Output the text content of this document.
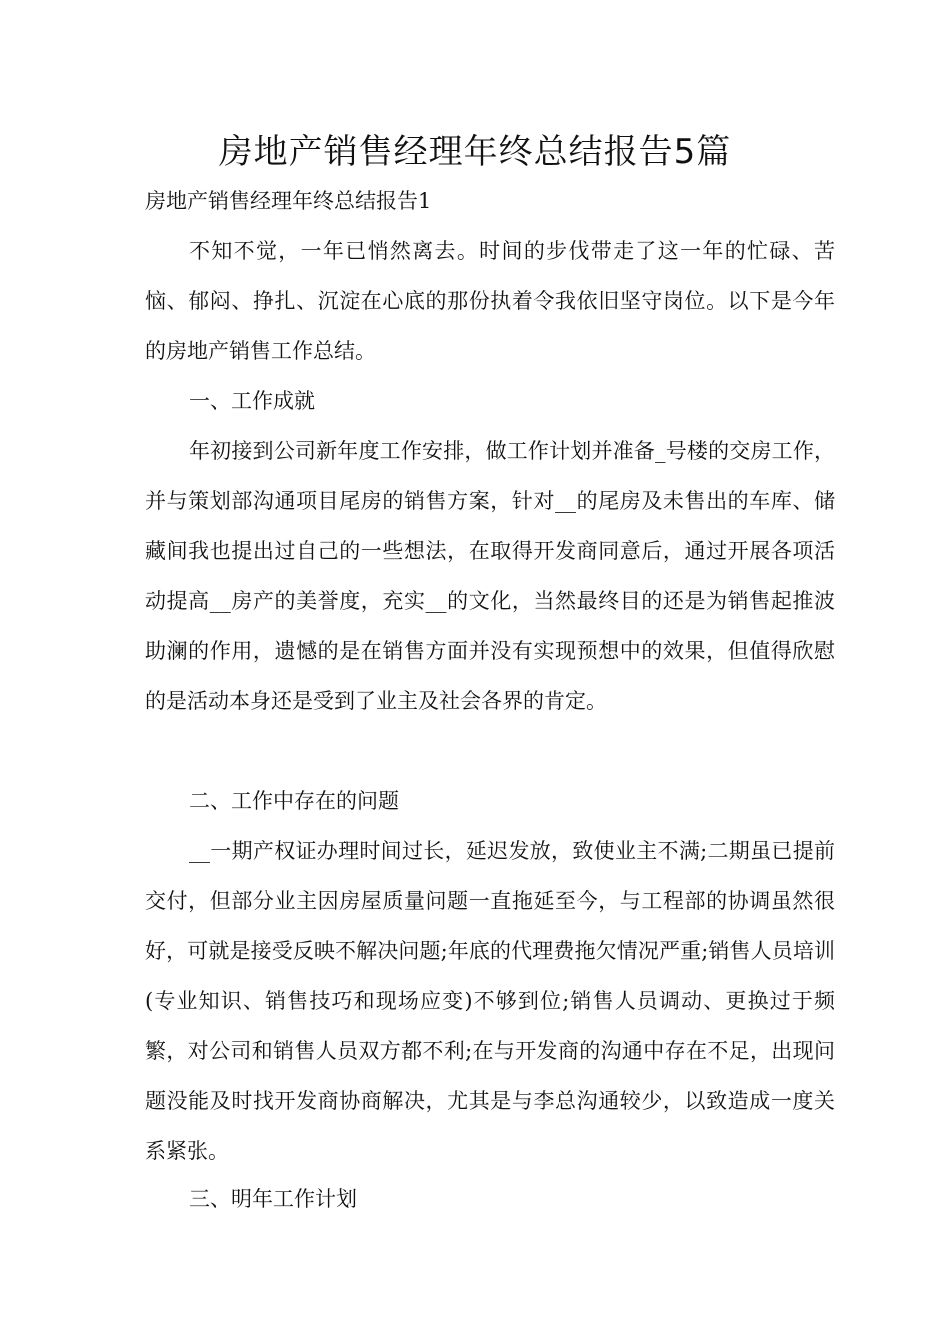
房地产销售经理年终总结报告5篇

房地产销售经理年终总结报告1

不知不觉，一年已悄然离去。时间的步伐带走了这一年的忙碌、苦恼、郁闷、挣扎、沉淀在心底的那份执着令我依旧坚守岗位。以下是今年的房地产销售工作总结。

一、工作成就

年初接到公司新年度工作安排，做工作计划并准备_号楼的交房工作，并与策划部沟通项目尾房的销售方案，针对__的尾房及未售出的车库、储藏间我也提出过自己的一些想法，在取得开发商同意后，通过开展各项活动提高__房产的美誉度，充实__的文化，当然最终目的还是为销售起推波助澜的作用，遗憾的是在销售方面并没有实现预想中的效果，但值得欣慰的是活动本身还是受到了业主及社会各界的肯定。

二、工作中存在的问题

__一期产权证办理时间过长，延迟发放，致使业主不满;二期虽已提前交付，但部分业主因房屋质量问题一直拖延至今，与工程部的协调虽然很好，可就是接受反映不解决问题;年底的代理费拖欠情况严重;销售人员培训(专业知识、销售技巧和现场应变)不够到位;销售人员调动、更换过于频繁，对公司和销售人员双方都不利;在与开发商的沟通中存在不足，出现问题没能及时找开发商协商解决，尤其是与李总沟通较少，以致造成一度关系紧张。

三、明年工作计划
